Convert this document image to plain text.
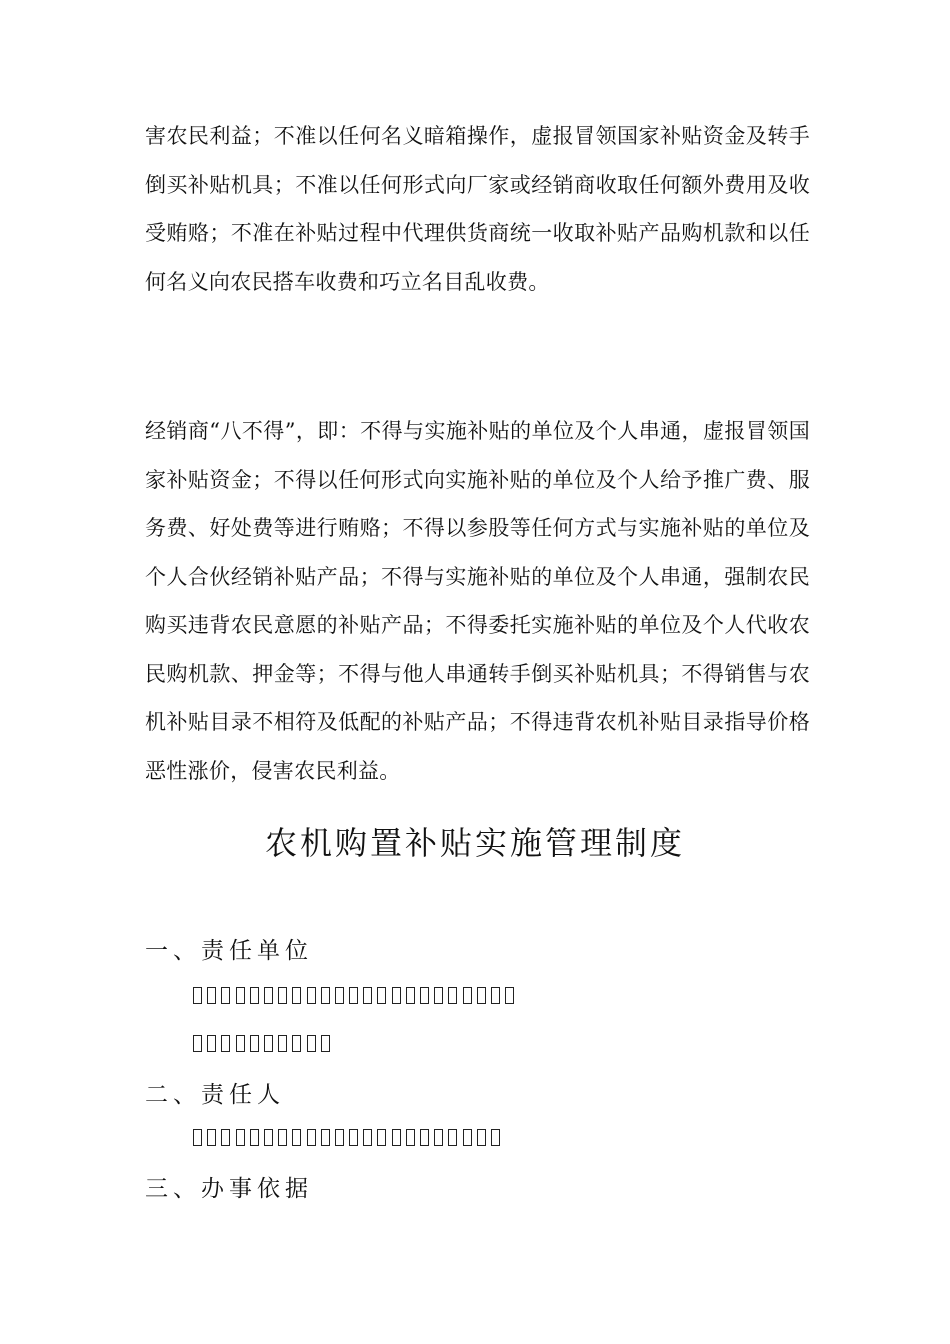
害农民利益；不准以任何名义暗箱操作，虚报冒领国家补贴资金及转手倒买补贴机具；不准以任何形式向厂家或经销商收取任何额外费用及收受贿赂；不准在补贴过程中代理供货商统一收取补贴产品购机款和以任何名义向农民搭车收费和巧立名目乱收费。

经销商“八不得”，即：不得与实施补贴的单位及个人串通，虚报冒领国家补贴资金；不得以任何形式向实施补贴的单位及个人给予推广费、服务费、好处费等进行贿赂；不得以参股等任何方式与实施补贴的单位及个人合伙经销补贴产品；不得与实施补贴的单位及个人串通，强制农民购买违背农民意愿的补贴产品；不得委托实施补贴的单位及个人代收农民购机款、押金等；不得与他人串通转手倒买补贴机具；不得销售与农机补贴目录不相符及低配的补贴产品；不得违背农机补贴目录指导价格恶性涨价，侵害农民利益。

农机购置补贴实施管理制度
一、责任单位
二、责任人
三、办事依据
